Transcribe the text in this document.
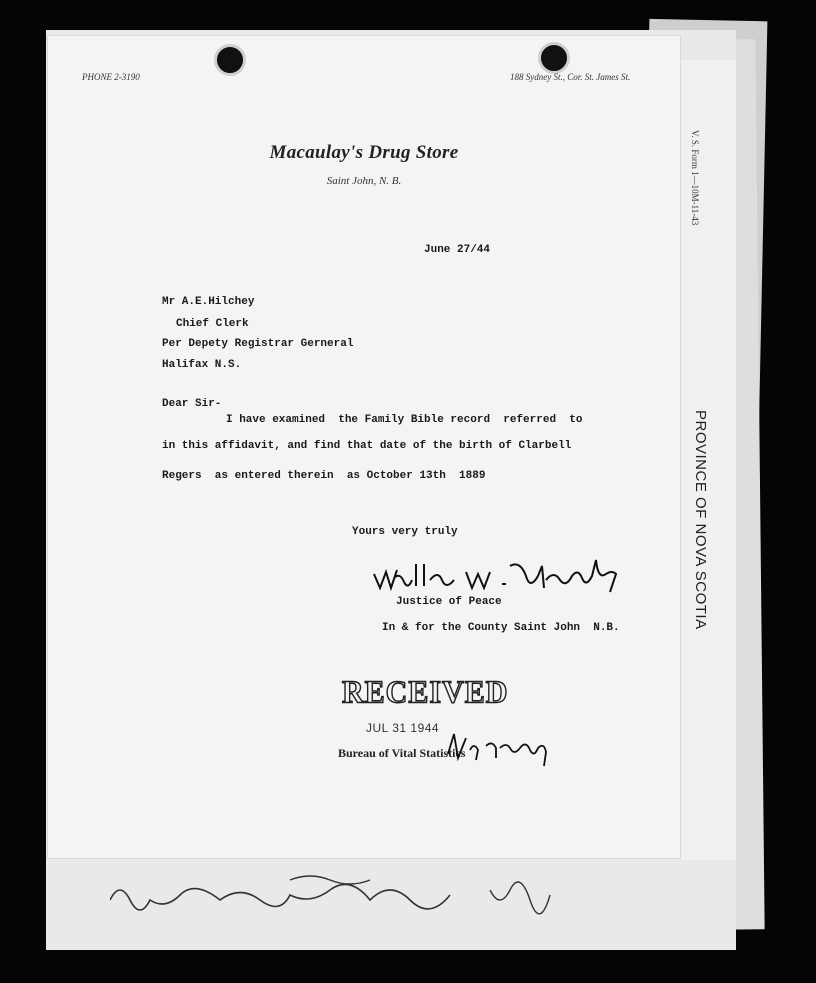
V. S. Form 1—10M-11-43
PROVINCE OF NOVA SCOTIA
PHONE 2-3190	188 Sydney St., Cor. St. James St.
Macaulay's Drug Store
Saint John, N. B.
June 27/44
Mr A.E.Hilchey
Chief Clerk
Per Depety Registrar Gerneral
Halifax N.S.
Dear Sir-
I have examined  the Family Bible record  referred  to
in this affidavit, and find that date of the birth of Clarbell
Regers  as entered therein  as October 13th  1889
Yours very truly
Justice of Peace
In & for the County Saint John  N.B.
RECEIVED
JUL 31 1944
Bureau of Vital Statistics
